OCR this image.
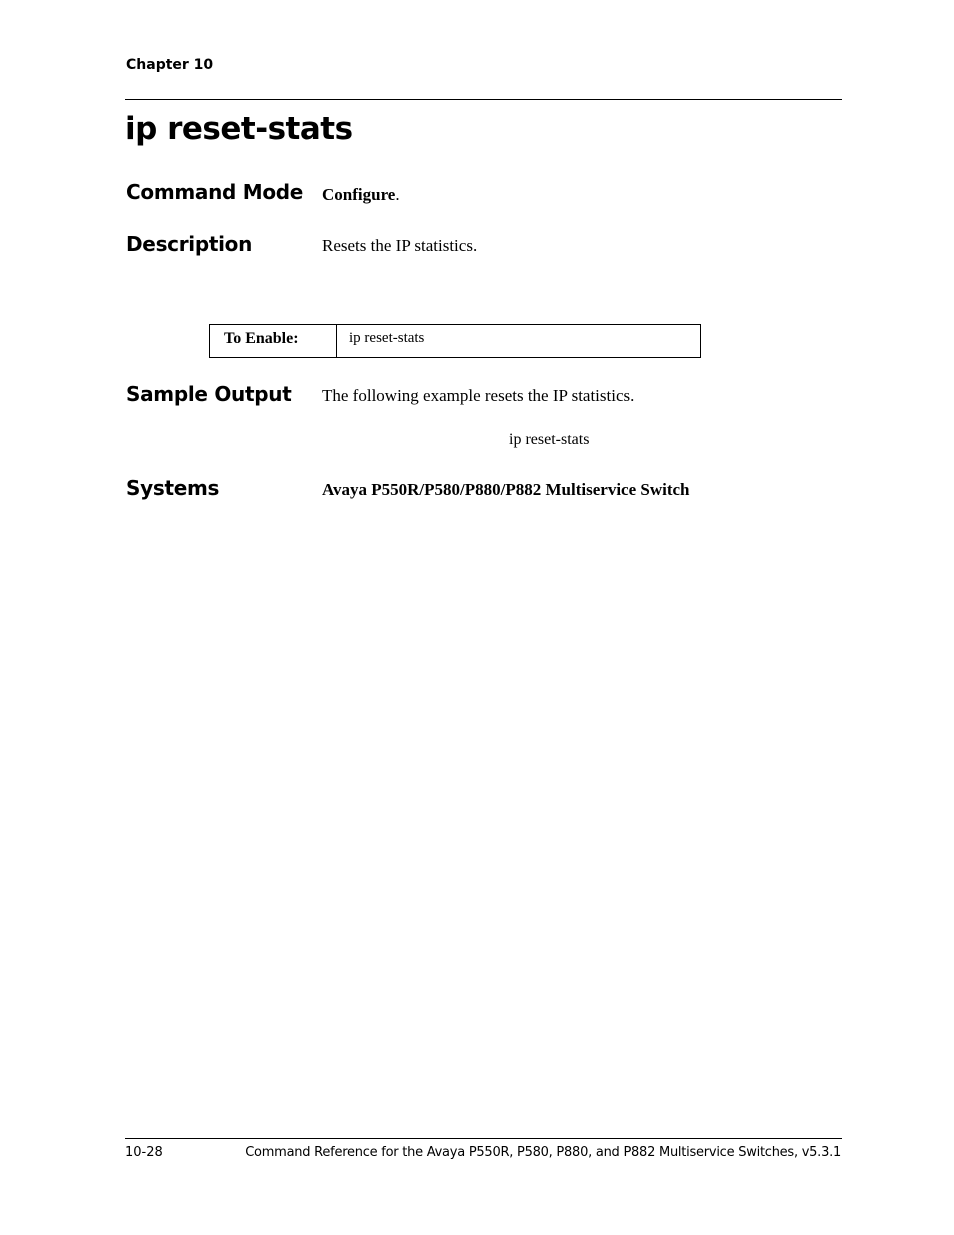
Chapter 10
ip reset-stats
Command Mode Configure.
Description	Resets the IP statistics.
To Enable:	ip reset-stats
Sample Output The following example resets the IP statistics.
ip reset-stats
Systems	Avaya P550R/P580/P880/P882 Multiservice Switch
10-28	Command Reference for the Avaya P550R, P580, P880, and P882 Multiservice Switches, v5.3.1
